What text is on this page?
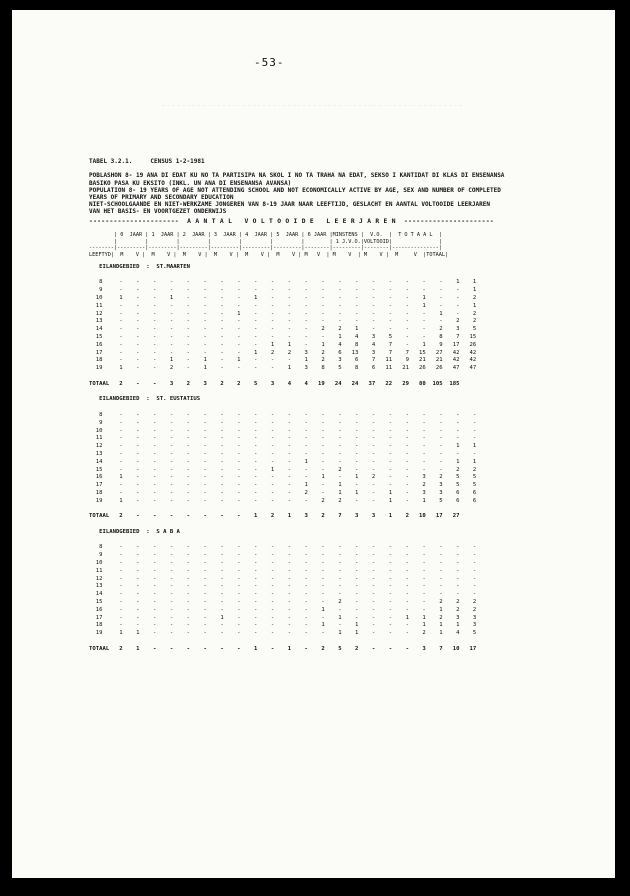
-53-
TABEL 3.2.1.     CENSUS 1-2-1981

POBLASHON 8- 19 ANA DI EDAT KU NO TA PARTISIPA NA SKOL I NO TA TRAHA NA EDAT, SEKSO I KANTIDAT DI KLAS DI ENSENANSA
BASIKO PASA KU EKSITO (INKL. UN ANA DI ENSENANSA AVANSA)
POPULATION 8- 19 YEARS OF AGE NOT ATTENDING SCHOOL AND NOT ECONOMICALLY ACTIVE BY AGE, SEX AND NUMBER OF COMPLETED
YEARS OF PRIMARY AND SECONDARY EDUCATION
NIET-SCHOOLGAANDE EN NIET-WERKZAME JONGEREN VAN 8-19 JAAR NAAR LEEFTIJD, GESLACHT EN AANTAL VOLTOOIDE LEERJAREN
VAN HET BASIS- EN VOORTGEZET ONDERWIJS
----------------------  A A N T A L   V O L T O O I D E   L E E R J A R E N  ----------------------
| 0  JAAR | 1  JAAR | 2  JAAR | 3  JAAR | 4  JAAR | 5  JAAR | 6 JAAR |MINSTENS |  V.O.  |  T O T A A L  |
|         |         |         |         |         |         |        | 1 J.V.O.|VOLTOOID|               |
--------|---------|---------|---------|---------|---------|---------|--------|---------|--------|---------------|
LEEFTYD|  M    V |  M    V |  M    V |  M    V |  M    V |  M    V | M   V  | M    V  | M    V |  M     V  |TOTAAL|

EILANDGEBIED  :  ST.MAARTEN

8     -    -    -    -    -    -    -    -    -    -    -    -    -    -    -    -    -    -    -    -    1    1
9     -    -    -    -    -    -    -    -    -    -    -    -    -    -    -    -    -    -    -    -    -    1
10     1    -    -    1    -    -    -    -    1    -    -    -    -    -    -    -    -    -    1    -    -    2
11     -    -    -    -    -    -    -    -    -    -    -    -    -    -    -    -    -    -    1    -    -    1
12     -    -    -    -    -    -    -    1    -    -    -    -    -    -    -    -    -    -    -    1    -    2
13     -    -    -    -    -    -    -    -    -    -    -    -    -    -    -    -    -    -    -    -    2    2
14     -    -    -    -    -    -    -    -    -    -    -    -    2    2    1    -    -    -    -    2    3    5
15     -    -    -    -    -    -    -    -    -    -    -    -    -    1    4    3    5    -    -    8    7   15
16     -    -    -    -    -    -    -    -    -    1    1    -    1    4    8    4    7    -    1    9   17   26
17     -    -    -    -    -    -    -    -    1    2    2    3    2    6   13    3    7    7   15   27   42   42
18     -    -    -    1    -    1    -    1    -    -    -    1    2    3    6    7   11    9   21   21   42   42
19     1    -    -    2    -    1    -    -    -    -    1    3    8    5    8    6   11   21   26   26   47   47

TOTAAL   2    -    -    3    2    3    2    2    5    3    4    4   19   24   24   37   22   29   80  105  185

EILANDGEBIED  :  ST. EUSTATIUS

8     -    -    -    -    -    -    -    -    -    -    -    -    -    -    -    -    -    -    -    -    -    -
9     -    -    -    -    -    -    -    -    -    -    -    -    -    -    -    -    -    -    -    -    -    -
10     -    -    -    -    -    -    -    -    -    -    -    -    -    -    -    -    -    -    -    -    -    -
11     -    -    -    -    -    -    -    -    -    -    -    -    -    -    -    -    -    -    -    -    -    -
12     -    -    -    -    -    -    -    -    -    -    -    -    -    -    -    -    -    -    -    -    1    1
13     -    -    -    -    -    -    -    -    -    -    -    -    -    -    -    -    -    -    -    -    -    -
14     -    -    -    -    -    -    -    -    -    -    -    1    -    -    -    -    -    -    -    -    1    1
15     -    -    -    -    -    -    -    -    -    1    -    -    -    2    -    -    -    -    -    -    2    2
16     1    -    -    -    -    -    -    -    -    -    -    -    1    -    1    2    -    -    3    2    5    5
17     -    -    -    -    -    -    -    -    -    -    -    1    -    1    -    -    -    -    2    3    5    5
18     -    -    -    -    -    -    -    -    -    -    -    2    -    1    1    -    1    -    3    3    6    6
19     1    -    -    -    -    -    -    -    -    -    -    -    2    2    -    -    1    -    1    5    6    6

TOTAAL   2    -    -    -    -    -    -    -    1    2    1    3    2    7    3    3    1    2   10   17   27

EILANDGEBIED  :  S A B A

8     -    -    -    -    -    -    -    -    -    -    -    -    -    -    -    -    -    -    -    -    -    -
9     -    -    -    -    -    -    -    -    -    -    -    -    -    -    -    -    -    -    -    -    -    -
10     -    -    -    -    -    -    -    -    -    -    -    -    -    -    -    -    -    -    -    -    -    -
11     -    -    -    -    -    -    -    -    -    -    -    -    -    -    -    -    -    -    -    -    -    -
12     -    -    -    -    -    -    -    -    -    -    -    -    -    -    -    -    -    -    -    -    -    -
13     -    -    -    -    -    -    -    -    -    -    -    -    -    -    -    -    -    -    -    -    -    -
14     -    -    -    -    -    -    -    -    -    -    -    -    -    -    -    -    -    -    -    -    -    -
15     -    -    -    -    -    -    -    -    -    -    -    -    -    2    -    -    -    -    -    2    2    2
16     -    -    -    -    -    -    -    -    -    -    -    -    1    -    -    -    -    -    -    1    2    2
17     -    -    -    -    -    -    1    -    -    -    -    -    -    1    -    -    -    1    1    2    3    3
18     -    -    -    -    -    -    -    -    -    -    -    -    1    -    1    -    -    -    1    1    1    3
19     1    1    -    -    -    -    -    -    -    -    -    -    -    1    1    -    -    -    2    1    4    5

TOTAAL   2    1    -    -    -    -    -    -    1    -    1    -    2    5    2    -    -    -    3    7   10   17
